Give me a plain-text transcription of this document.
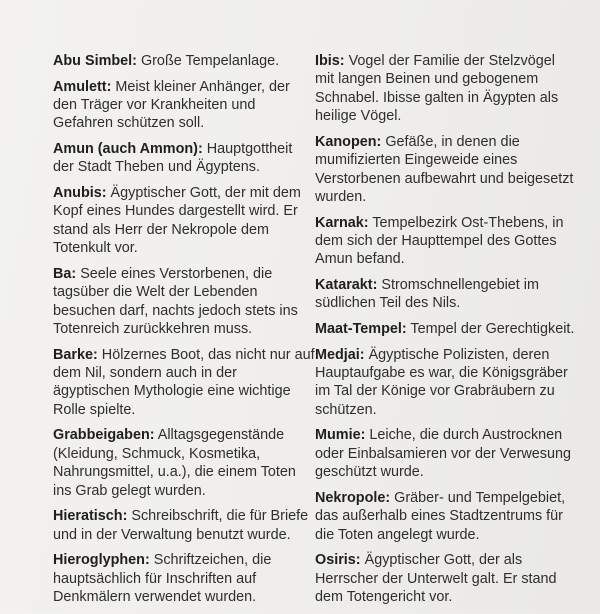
Abu Simbel: Große Tempelanlage.

Amulett: Meist kleiner Anhänger, der den Träger vor Krankheiten und Gefahren schützen soll.

Amun (auch Ammon): Hauptgottheit der Stadt Theben und Ägyptens.

Anubis: Ägyptischer Gott, der mit dem Kopf eines Hundes dargestellt wird. Er stand als Herr der Nekropole dem Totenkult vor.

Ba: Seele eines Verstorbenen, die tagsüber die Welt der Lebenden besuchen darf, nachts jedoch stets ins Totenreich zurückkehren muss.

Barke: Hölzernes Boot, das nicht nur auf dem Nil, sondern auch in der ägyptischen Mythologie eine wichtige Rolle spielte.

Grabbeigaben: Alltagsgegenstände (Kleidung, Schmuck, Kosmetika, Nahrungsmittel, u.a.), die einem Toten ins Grab gelegt wurden.

Hieratisch: Schreibschrift, die für Briefe und in der Verwaltung benutzt wurde.

Hieroglyphen: Schriftzeichen, die hauptsächlich für Inschriften auf Denkmälern verwendet wurden.

Ibis: Vogel der Familie der Stelzvögel mit langen Beinen und gebogenem Schnabel. Ibisse galten in Ägypten als heilige Vögel.

Kanopen: Gefäße, in denen die mumifizierten Eingeweide eines Verstorbenen aufbewahrt und beigesetzt wurden.

Karnak: Tempelbezirk Ost-Thebens, in dem sich der Haupttempel des Gottes Amun befand.

Katarakt: Stromschnellengebiet im südlichen Teil des Nils.

Maat-Tempel: Tempel der Gerechtigkeit.

Medjai: Ägyptische Polizisten, deren Hauptaufgabe es war, die Königsgräber im Tal der Könige vor Grabräubern zu schützen.

Mumie: Leiche, die durch Austrocknen oder Einbalsamieren vor der Verwesung geschützt wurde.

Nekropole: Gräber- und Tempelgebiet, das außerhalb eines Stadtzentrums für die Toten angelegt wurde.

Osiris: Ägyptischer Gott, der als Herrscher der Unterwelt galt. Er stand dem Totengericht vor.
